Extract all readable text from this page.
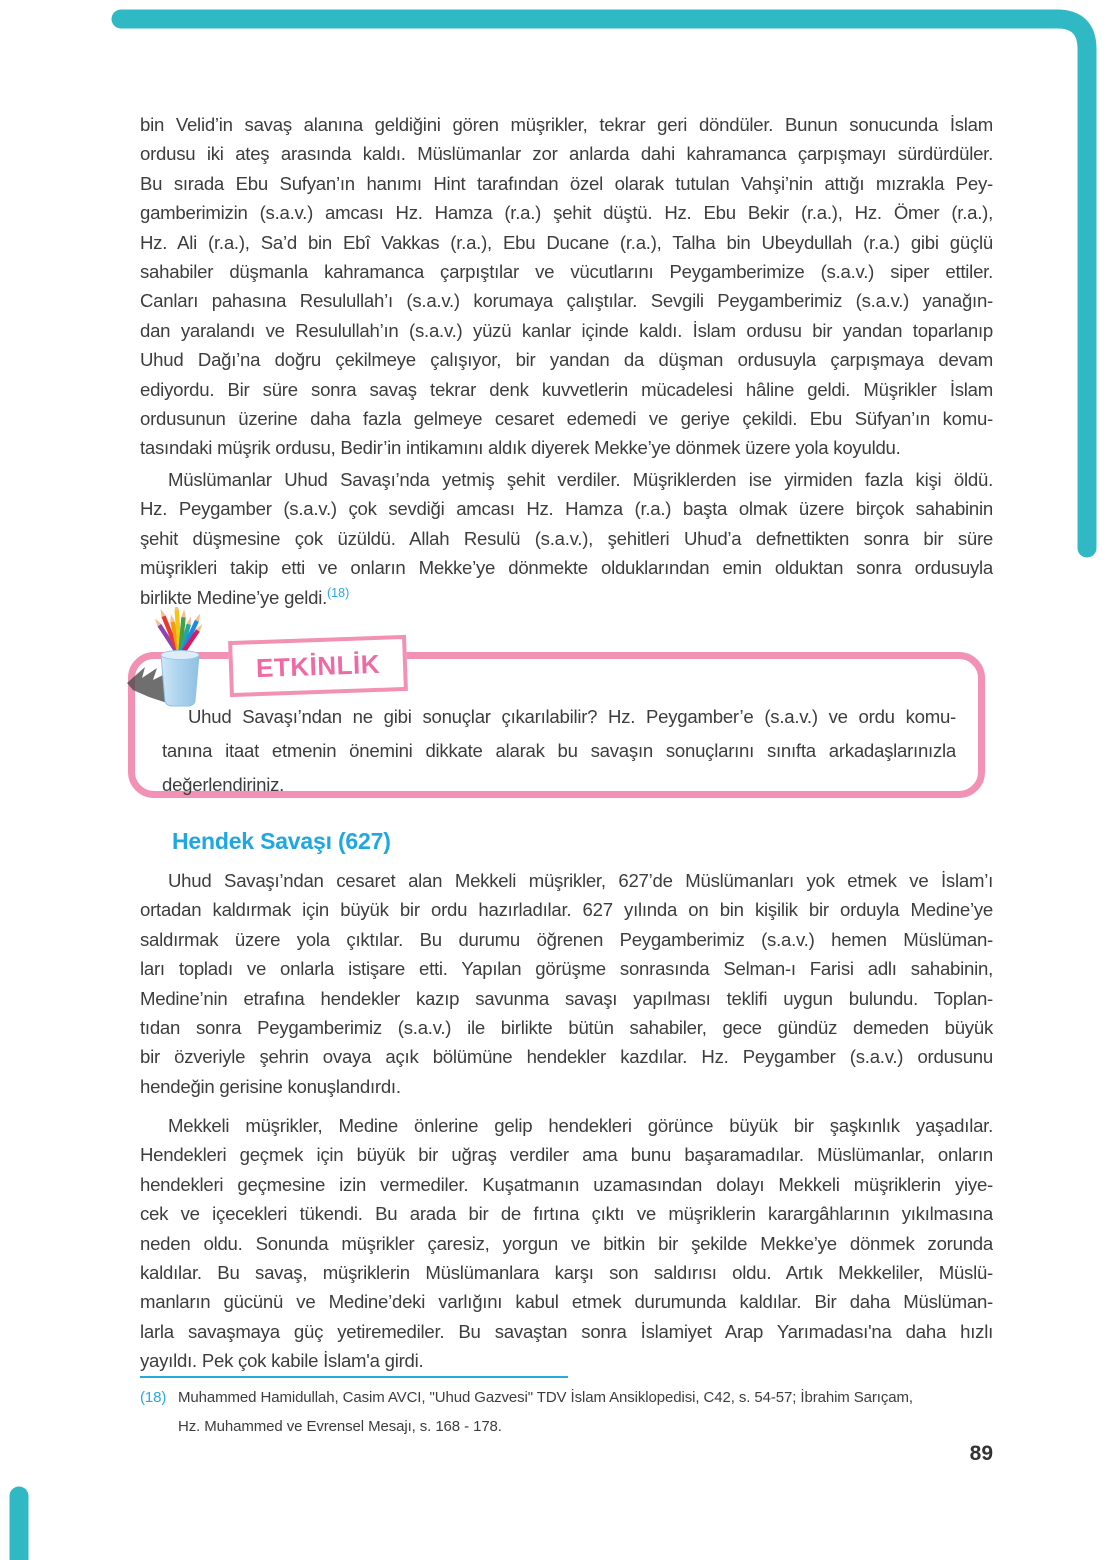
bin Velid’in savaş alanına geldiğini gören müşrikler, tekrar geri döndüler. Bunun sonucunda İslam
ordusu iki ateş arasında kaldı. Müslümanlar zor anlarda dahi kahramanca çarpışmayı sürdürdüler.
Bu sırada Ebu Sufyan’ın hanımı Hint tarafından özel olarak tutulan Vahşi’nin attığı mızrakla Pey-
gamberimizin (s.a.v.) amcası Hz. Hamza (r.a.) şehit düştü. Hz. Ebu Bekir (r.a.), Hz. Ömer (r.a.),
Hz. Ali (r.a.), Sa’d bin Ebî Vakkas (r.a.), Ebu Ducane (r.a.), Talha bin Ubeydullah (r.a.) gibi güçlü
sahabiler düşmanla kahramanca çarpıştılar ve vücutlarını Peygamberimize (s.a.v.) siper ettiler.
Canları pahasına Resulullah’ı (s.a.v.) korumaya çalıştılar. Sevgili Peygamberimiz (s.a.v.) yanağın-
dan yaralandı ve Resulullah’ın (s.a.v.) yüzü kanlar içinde kaldı. İslam ordusu bir yandan toparlanıp
Uhud Dağı’na doğru çekilmeye çalışıyor, bir yandan da düşman ordusuyla çarpışmaya devam
ediyordu. Bir süre sonra savaş tekrar denk kuvvetlerin mücadelesi hâline geldi. Müşrikler İslam
ordusunun üzerine daha fazla gelmeye cesaret edemedi ve geriye çekildi. Ebu Süfyan’ın komu-
tasındaki müşrik ordusu, Bedir’in intikamını aldık diyerek Mekke’ye dönmek üzere yola koyuldu.
Müslümanlar Uhud Savaşı’nda yetmiş şehit verdiler. Müşriklerden ise yirmiden fazla kişi öldü.
Hz. Peygamber (s.a.v.) çok sevdiği amcası Hz. Hamza (r.a.) başta olmak üzere birçok sahabinin
şehit düşmesine çok üzüldü. Allah Resulü (s.a.v.), şehitleri Uhud’a defnettikten sonra bir süre
müşrikleri takip etti ve onların Mekke’ye dönmekte olduklarından emin olduktan sonra ordusuyla
birlikte Medine’ye geldi.$^{(18)}$
ETKİNLİK
Uhud Savaşı’ndan ne gibi sonuçlar çıkarılabilir? Hz. Peygamber’e (s.a.v.) ve ordu komu-
tanına itaat etmenin önemini dikkate alarak bu savaşın sonuçlarını sınıfta arkadaşlarınızla
değerlendiriniz.
Hendek Savaşı (627)
Uhud Savaşı’ndan cesaret alan Mekkeli müşrikler, 627’de Müslümanları yok etmek ve İslam’ı
ortadan kaldırmak için büyük bir ordu hazırladılar. 627 yılında on bin kişilik bir orduyla Medine’ye
saldırmak üzere yola çıktılar. Bu durumu öğrenen Peygamberimiz (s.a.v.) hemen Müslüman-
ları topladı ve onlarla istişare etti. Yapılan görüşme sonrasında Selman-ı Farisi adlı sahabinin,
Medine’nin etrafına hendekler kazıp savunma savaşı yapılması teklifi uygun bulundu. Toplan-
tıdan sonra Peygamberimiz (s.a.v.) ile birlikte bütün sahabiler, gece gündüz demeden büyük
bir özveriyle şehrin ovaya açık bölümüne hendekler kazdılar. Hz. Peygamber (s.a.v.) ordusunu
hendeğin gerisine konuşlandırdı.
Mekkeli müşrikler, Medine önlerine gelip hendekleri görünce büyük bir şaşkınlık yaşadılar.
Hendekleri geçmek için büyük bir uğraş verdiler ama bunu başaramadılar. Müslümanlar, onların
hendekleri geçmesine izin vermediler. Kuşatmanın uzamasından dolayı Mekkeli müşriklerin yiye-
cek ve içecekleri tükendi. Bu arada bir de fırtına çıktı ve müşriklerin karargâhlarının yıkılmasına
neden oldu. Sonunda müşrikler çaresiz, yorgun ve bitkin bir şekilde Mekke’ye dönmek zorunda
kaldılar. Bu savaş, müşriklerin Müslümanlara karşı son saldırısı oldu. Artık Mekkeliler, Müslü-
manların gücünü ve Medine’deki varlığını kabul etmek durumunda kaldılar. Bir daha Müslüman-
larla savaşmaya güç yetiremediler. Bu savaştan sonra İslamiyet Arap Yarımadası'na daha hızlı
yayıldı. Pek çok kabile İslam'a girdi.
(18) Muhammed Hamidullah, Casim AVCI, "Uhud Gazvesi" TDV İslam Ansiklopedisi, C42, s. 54-57; İbrahim Sarıçam,
Hz. Muhammed ve Evrensel Mesajı, s. 168 - 178.
89
